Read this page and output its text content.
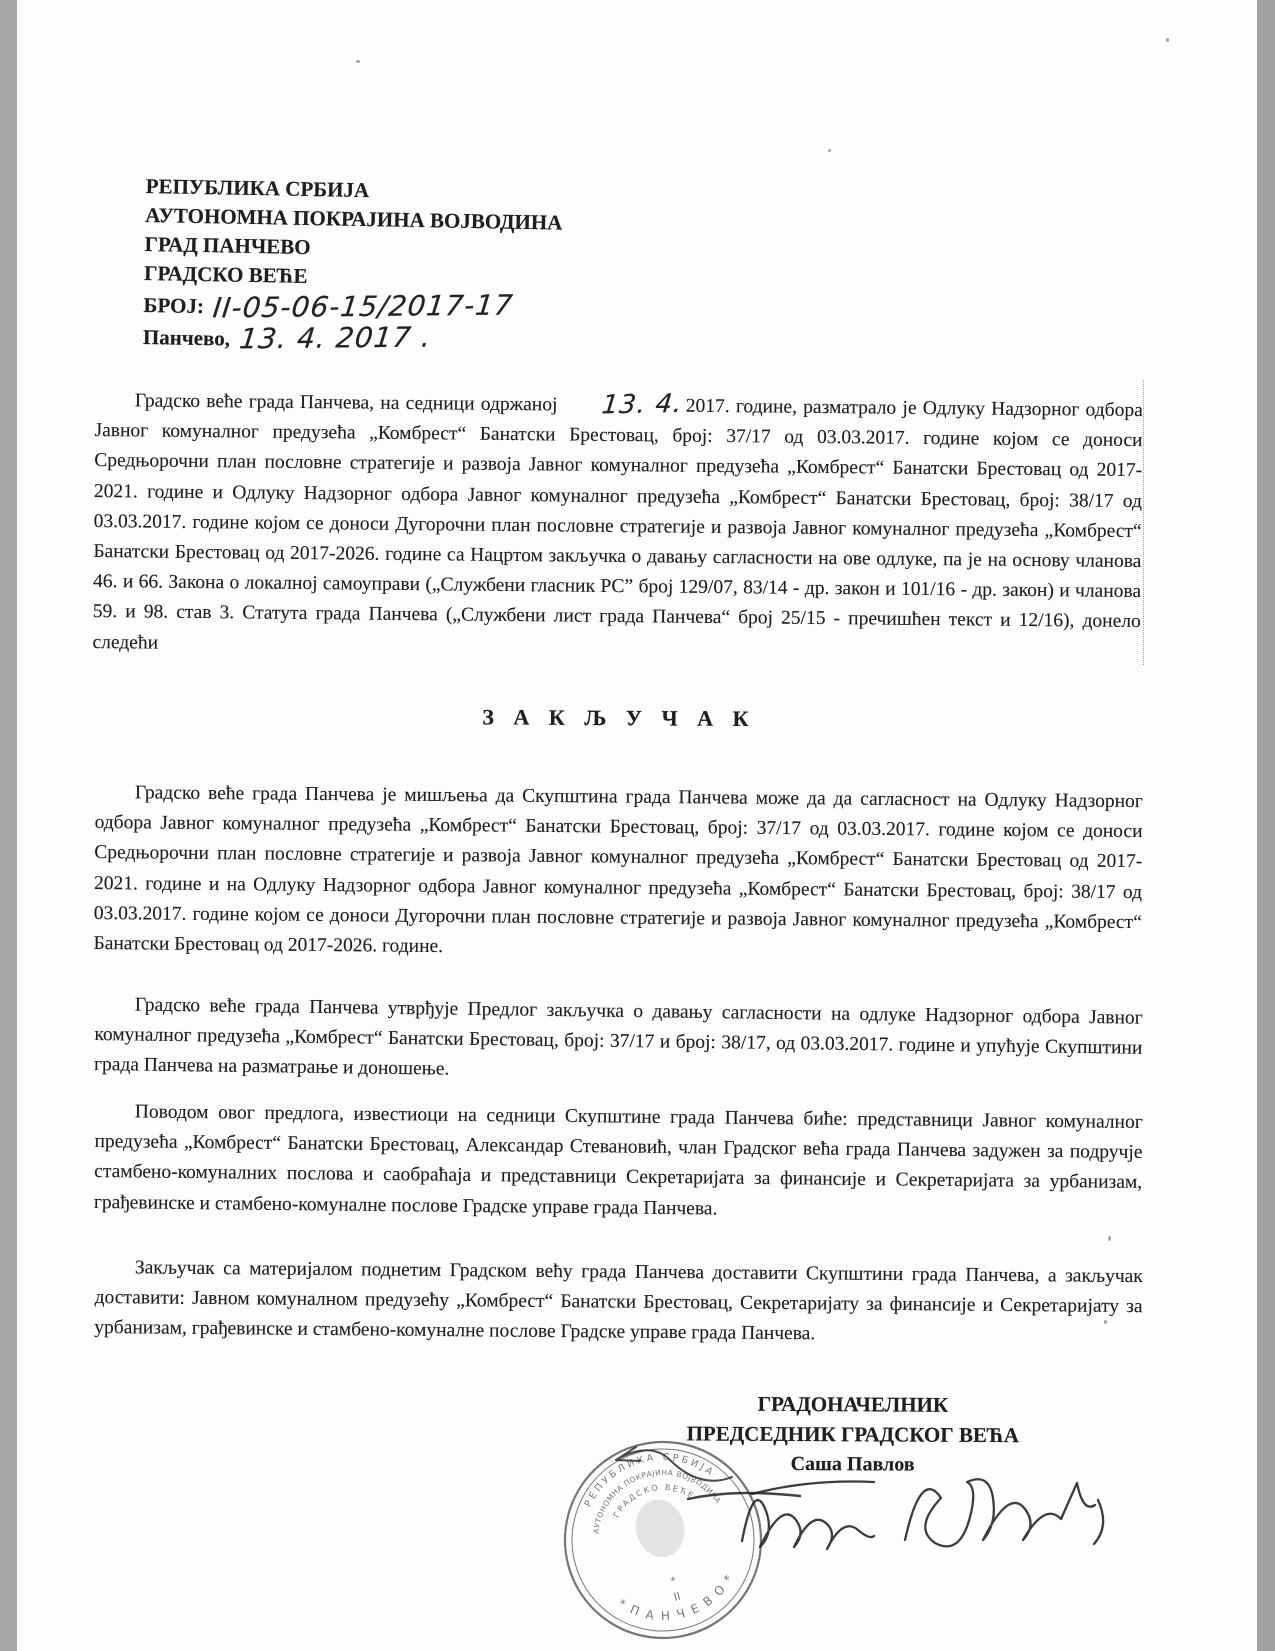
РЕПУБЛИКА СРБИЈА
АУТОНОМНА ПОКРАЈИНА ВОЈВОДИНА
ГРАД ПАНЧЕВО
ГРАДСКО ВЕЋЕ
БРОЈ: II-05-06-15/2017-17
Панчево, 13. 4. 2017 .
Градско веће града Панчева, на седници одржаној 13. 4. 2017. године, разматрало је Одлуку Надзорног одбора Јавног комуналног предузећа „Комбрест“ Банатски Брестовац, број: 37/17 од 03.03.2017. године којом се доноси Средњорочни план пословне стратегије и развоја Јавног комуналног предузећа „Комбрест“ Банатски Брестовац од 2017-2021. године и Одлуку Надзорног одбора Јавног комуналног предузећа „Комбрест“ Банатски Брестовац, број: 38/17 од 03.03.2017. године којом се доноси Дугорочни план пословне стратегије и развоја Јавног комуналног предузећа „Комбрест“ Банатски Брестовац од 2017-2026. године са Нацртом закључка о давању сагласности на ове одлуке, па је на основу чланова 46. и 66. Закона о локалној самоуправи („Службени гласник РС” број 129/07, 83/14 - др. закон и 101/16 - др. закон) и чланова 59. и 98. став 3. Статута града Панчева („Службени лист града Панчева“ број 25/15 - пречишћен текст и 12/16), донело следећи
З А К Љ У Ч А К
Градско веће града Панчева је мишљења да Скупштина града Панчева може да да сагласност на Одлуку Надзорног одбора Јавног комуналног предузећа „Комбрест“ Банатски Брестовац, број: 37/17 од 03.03.2017. године којом се доноси Средњорочни план пословне стратегије и развоја Јавног комуналног предузећа „Комбрест“ Банатски Брестовац од 2017-2021. године и на Одлуку Надзорног одбора Јавног комуналног предузећа „Комбрест“ Банатски Брестовац, број: 38/17 од 03.03.2017. године којом се доноси Дугорочни план пословне стратегије и развоја Јавног комуналног предузећа „Комбрест“ Банатски Брестовац од 2017-2026. године.
Градско веће града Панчева утврђује Предлог закључка о давању сагласности на одлуке Надзорног одбора Јавног комуналног предузећа „Комбрест“ Банатски Брестовац, број: 37/17 и број: 38/17, од 03.03.2017. године и упућује Скупштини града Панчева на разматрање и доношење.
Поводом овог предлога, известиоци на седници Скупштине града Панчева биће: представници Јавног комуналног предузећа „Комбрест“ Банатски Брестовац, Александар Стевановић, члан Градског већа града Панчева задужен за подручје стамбено-комуналних послова и саобраћаја и представници Секретаријата за финансије и Секретаријата за урбанизам, грађевинске и стамбено-комуналне послове Градске управе града Панчева.
Закључак са материјалом поднетим Градском већу града Панчева доставити Скупштини града Панчева, а закључак доставити: Јавном комуналном предузећу „Комбрест“ Банатски Брестовац, Секретаријату за финансије и Секретаријату за урбанизам, грађевинске и стамбено-комуналне послове Градске управе града Панчева.
ГРАДОНАЧЕЛНИК
ПРЕДСЕДНИК ГРАДСКОГ ВЕЋА
Саша Павлов
РЕПУБЛИКА СРБИЈА
АУТОНОМНА ПОКРАЈИНА ВОЈВОДИНА
ГРАДСКО ВЕЋЕ
* П А Н Ч Е В О *
*
II
